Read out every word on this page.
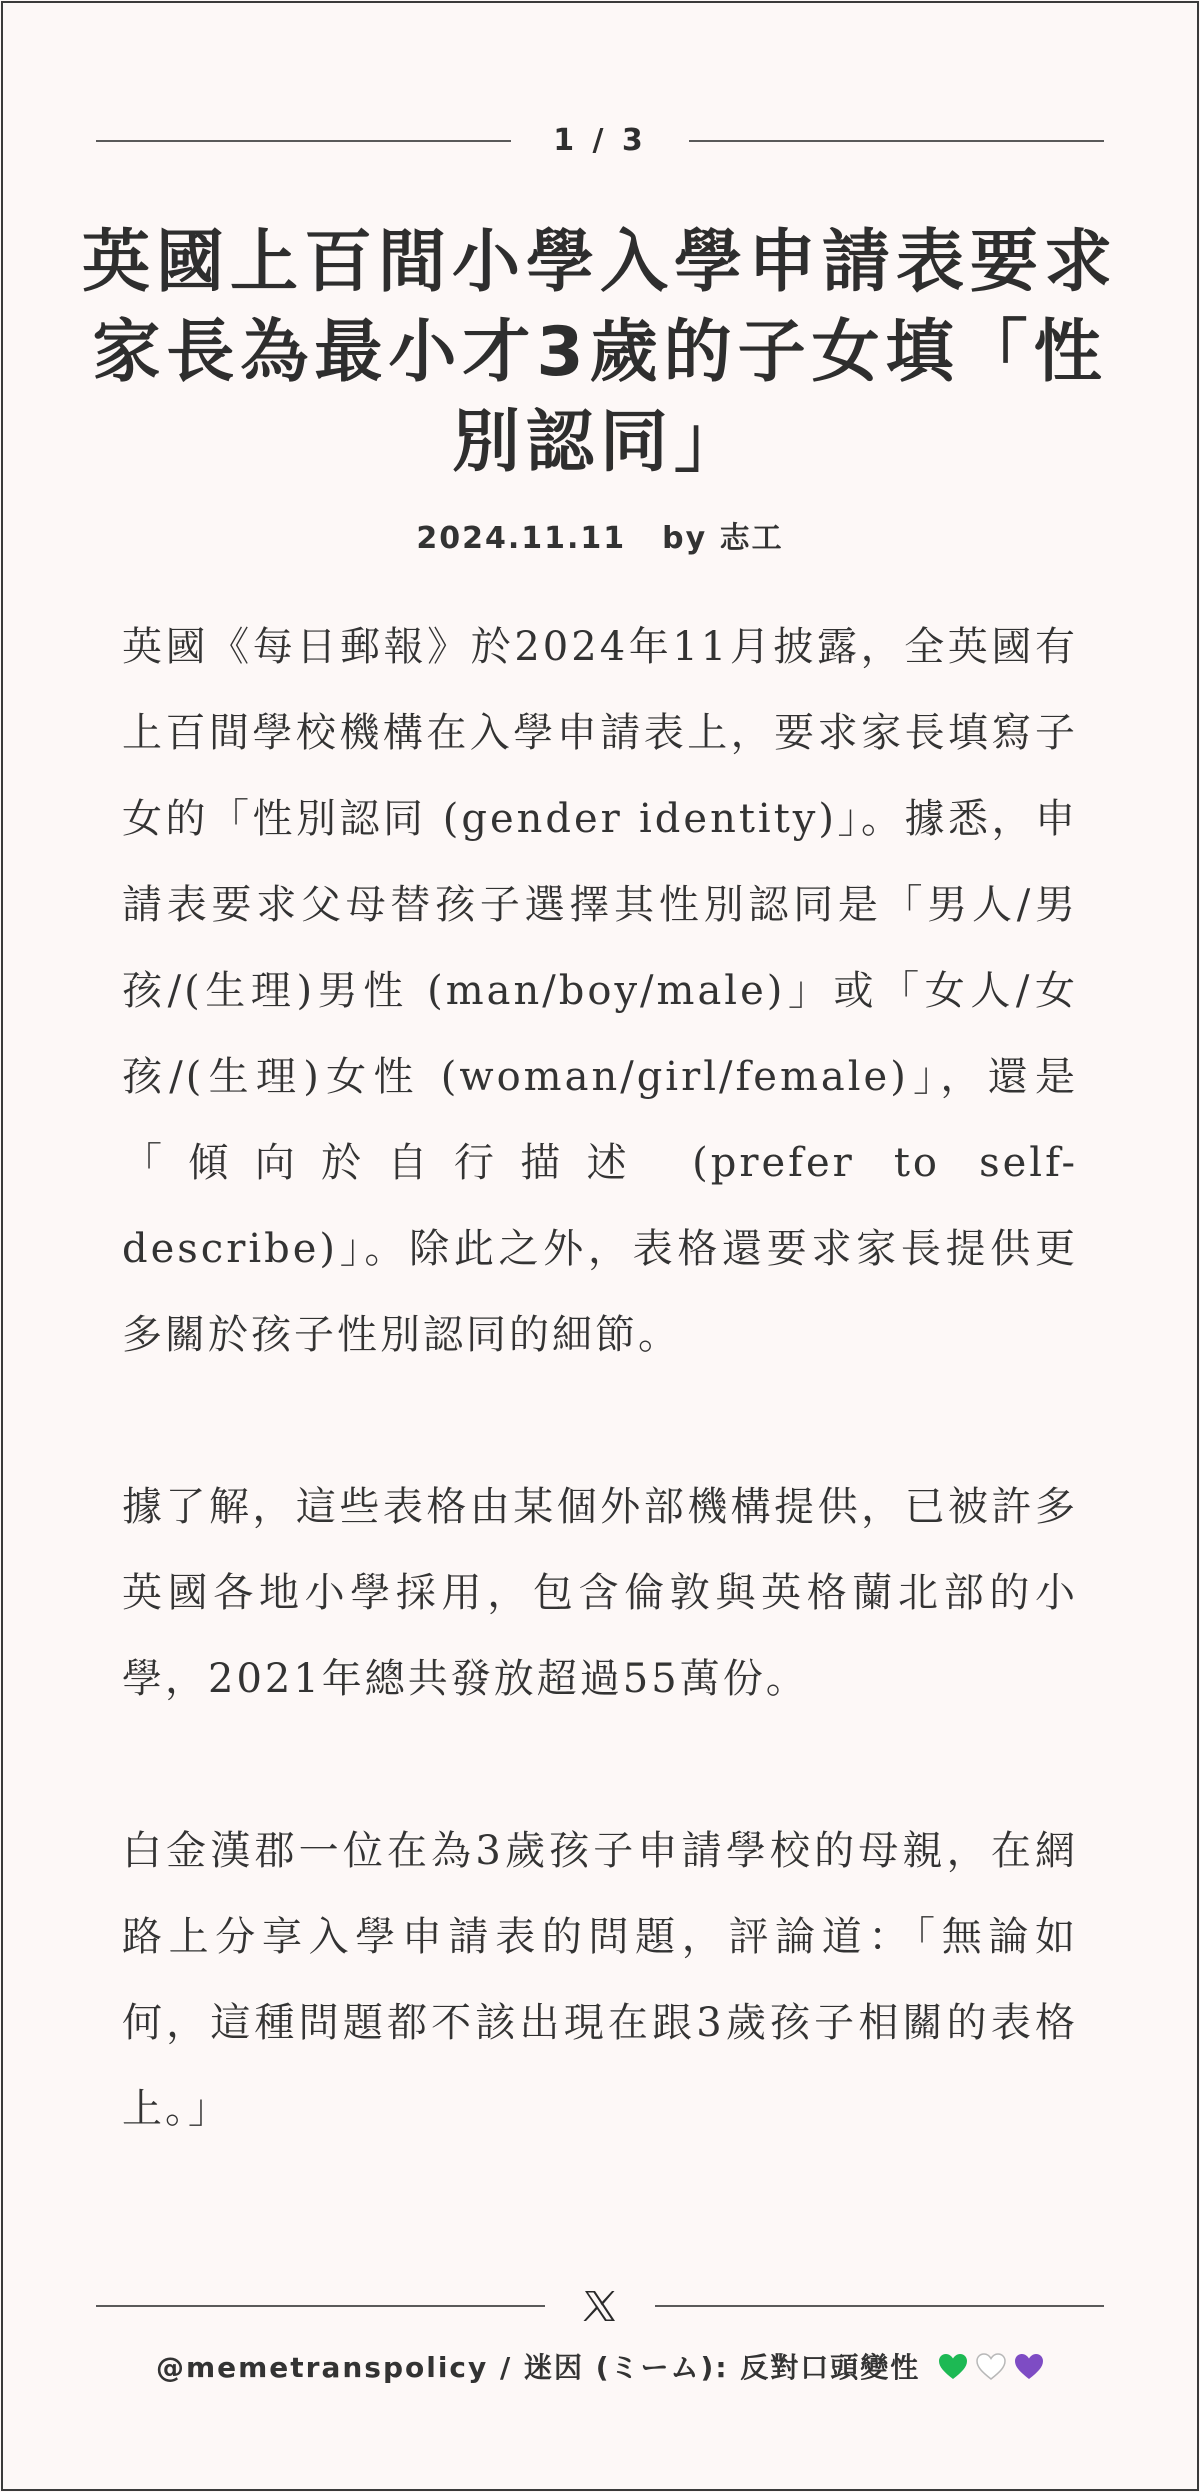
1 / 3
英國上百間小學入學申請表要求家長為最小才3歲的子女填「性別認同」
2024.11.11 by 志工

英國《每日郵報》於2024年11月披露，全英國有上百間學校機構在入學申請表上，要求家長填寫子女的「性別認同 (gender identity)」。據悉，申請表要求父母替孩子選擇其性別認同是「男人/男孩/(生理)男性 (man/boy/male)」或「女人/女孩/(生理)女性 (woman/girl/female)」，還是「傾向於自行描述 (prefer to self-describe)」。除此之外，表格還要求家長提供更多關於孩子性別認同的細節。

據了解，這些表格由某個外部機構提供，已被許多英國各地小學採用，包含倫敦與英格蘭北部的小學，2021年總共發放超過55萬份。

白金漢郡一位在為3歲孩子申請學校的母親，在網路上分享入學申請表的問題，評論道：「無論如何，這種問題都不該出現在跟3歲孩子相關的表格上。」

@memetranspolicy / 迷因 (ミーム): 反對口頭變性
